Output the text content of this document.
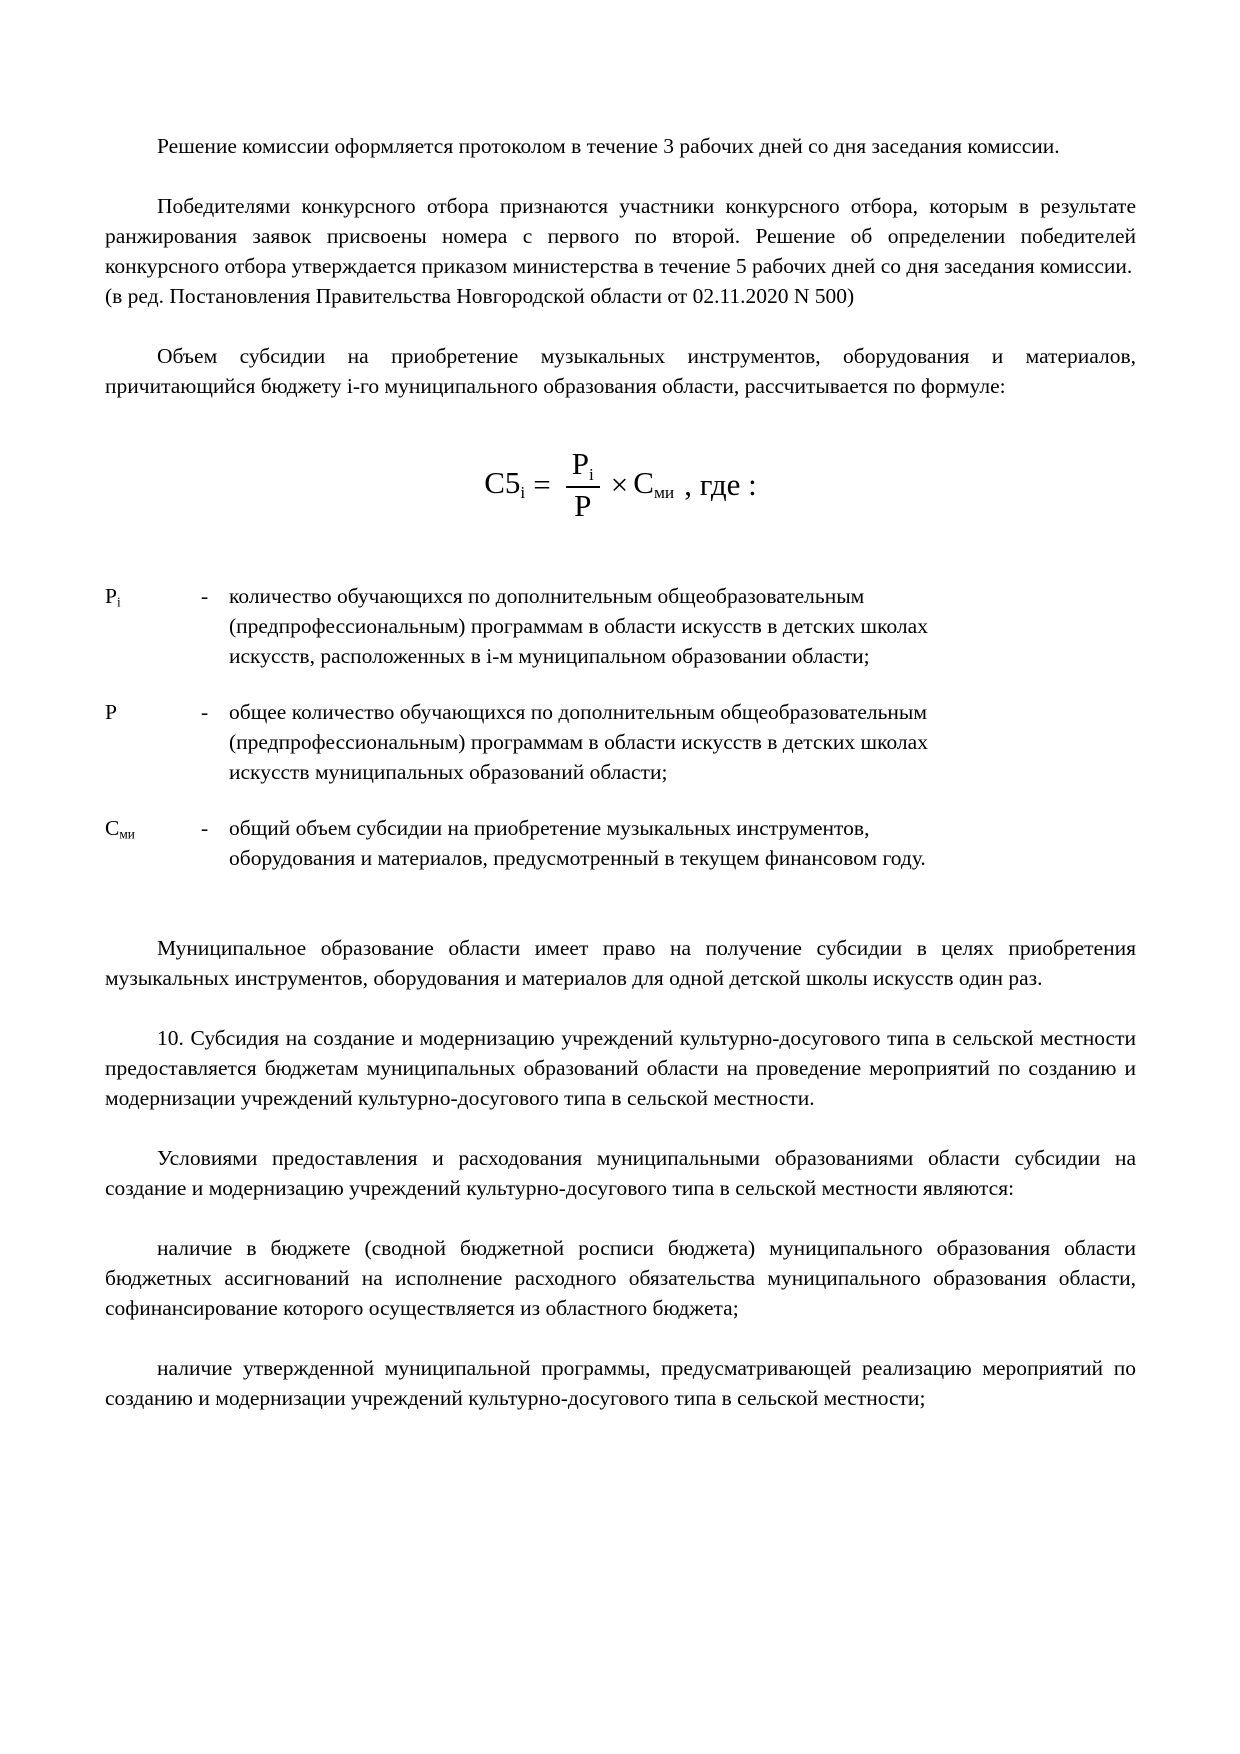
Решение комиссии оформляется протоколом в течение 3 рабочих дней со дня заседания комиссии.

Победителями конкурсного отбора признаются участники конкурсного отбора, которым в результате ранжирования заявок присвоены номера с первого по второй. Решение об определении победителей конкурсного отбора утверждается приказом министерства в течение 5 рабочих дней со дня заседания комиссии.

(в ред. Постановления Правительства Новгородской области от 02.11.2020 N 500)

Объем субсидии на приобретение музыкальных инструментов, оборудования и материалов, причитающийся бюджету i-го муниципального образования области, рассчитывается по формуле:

$С5i = \frac{Pi}{P}$ × Сми , где :
Pi	- количество обучающихся по дополнительным общеобразовательным (предпрофессиональным) программам в области искусств в детских школах искусств, расположенных в i-м муниципальном образовании области;
P	- общее количество обучающихся по дополнительным общеобразовательным (предпрофессиональным) программам в области искусств в детских школах искусств муниципальных образований области;
Сми	- общий объем субсидии на приобретение музыкальных инструментов, оборудования и материалов, предусмотренный в текущем финансовом году.

Муниципальное образование области имеет право на получение субсидии в целях приобретения музыкальных инструментов, оборудования и материалов для одной детской школы искусств один раз.

10. Субсидия на создание и модернизацию учреждений культурно-досугового типа в сельской местности предоставляется бюджетам муниципальных образований области на проведение мероприятий по созданию и модернизации учреждений культурно-досугового типа в сельской местности.

Условиями предоставления и расходования муниципальными образованиями области субсидии на создание и модернизацию учреждений культурно-досугового типа в сельской местности являются:

наличие в бюджете (сводной бюджетной росписи бюджета) муниципального образования области бюджетных ассигнований на исполнение расходного обязательства муниципального образования области, софинансирование которого осуществляется из областного бюджета;

наличие утвержденной муниципальной программы, предусматривающей реализацию мероприятий по созданию и модернизации учреждений культурно-досугового типа в сельской местности;
